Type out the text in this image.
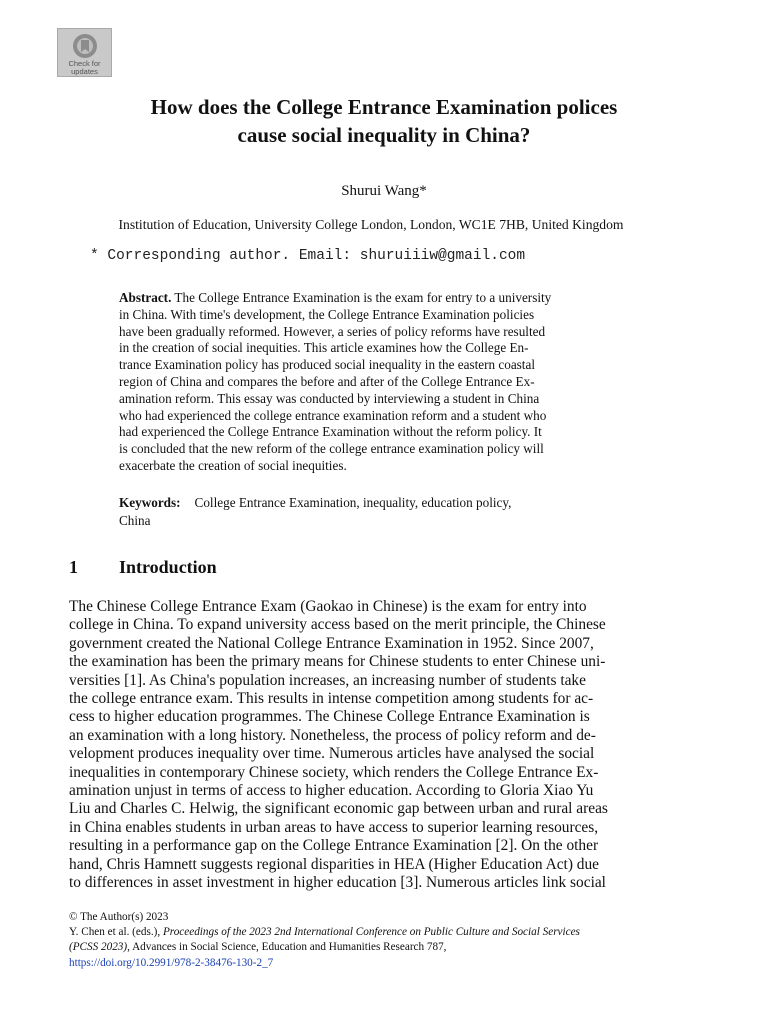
Check for
updates
How does the College Entrance Examination polices
cause social inequality in China?
Shurui Wang*
Institution of Education, University College London, London, WC1E 7HB, United Kingdom
* Corresponding author. Email: shuruiiiw@gmail.com
Abstract. The College Entrance Examination is the exam for entry to a university
in China. With time's development, the College Entrance Examination policies
have been gradually reformed. However, a series of policy reforms have resulted
in the creation of social inequities. This article examines how the College En-
trance Examination policy has produced social inequality in the eastern coastal
region of China and compares the before and after of the College Entrance Ex-
amination reform. This essay was conducted by interviewing a student in China
who had experienced the college entrance examination reform and a student who
had experienced the College Entrance Examination without the reform policy. It
is concluded that the new reform of the college entrance examination policy will
exacerbate the creation of social inequities.
Keywords: College Entrance Examination, inequality, education policy,
China
1 Introduction
The Chinese College Entrance Exam (Gaokao in Chinese) is the exam for entry into
college in China. To expand university access based on the merit principle, the Chinese
government created the National College Entrance Examination in 1952. Since 2007,
the examination has been the primary means for Chinese students to enter Chinese uni-
versities [1]. As China's population increases, an increasing number of students take
the college entrance exam. This results in intense competition among students for ac-
cess to higher education programmes. The Chinese College Entrance Examination is
an examination with a long history. Nonetheless, the process of policy reform and de-
velopment produces inequality over time. Numerous articles have analysed the social
inequalities in contemporary Chinese society, which renders the College Entrance Ex-
amination unjust in terms of access to higher education. According to Gloria Xiao Yu
Liu and Charles C. Helwig, the significant economic gap between urban and rural areas
in China enables students in urban areas to have access to superior learning resources,
resulting in a performance gap on the College Entrance Examination [2]. On the other
hand, Chris Hamnett suggests regional disparities in HEA (Higher Education Act) due
to differences in asset investment in higher education [3]. Numerous articles link social
© The Author(s) 2023
Y. Chen et al. (eds.), Proceedings of the 2023 2nd International Conference on Public Culture and Social Services
(PCSS 2023), Advances in Social Science, Education and Humanities Research 787,
https://doi.org/10.2991/978-2-38476-130-2_7
